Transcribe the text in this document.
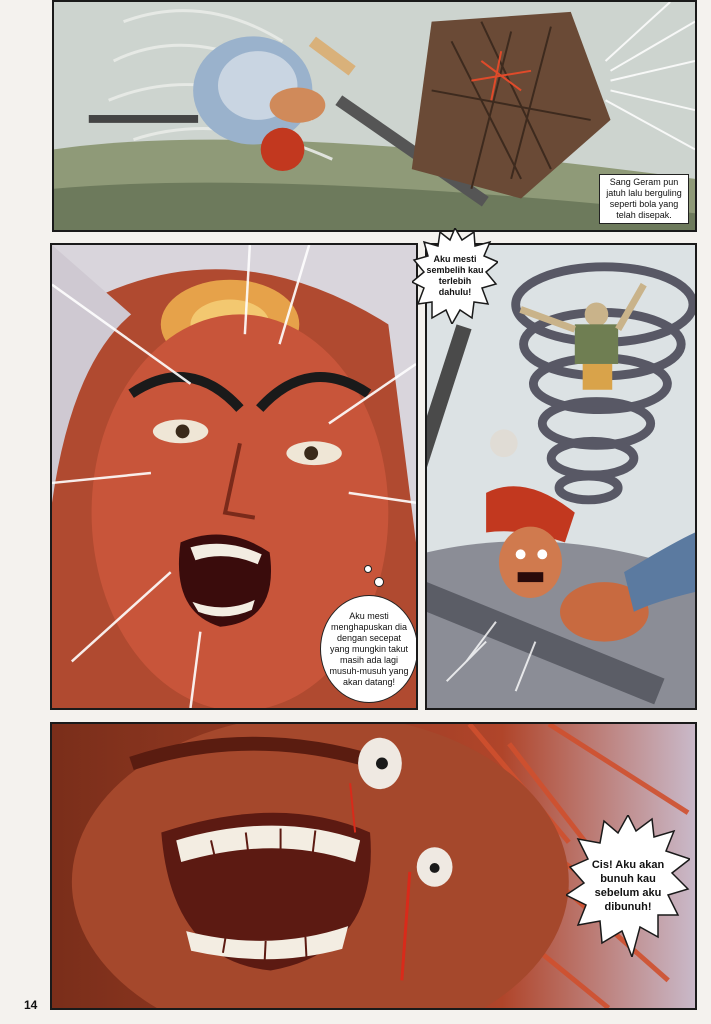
Sang Geram pun jatuh lalu berguling seperti bola yang telah disepak.
Aku mesti menghapuskan dia dengan secepat yang mungkin takut masih ada lagi musuh-musuh yang akan datang!
Aku mesti sembelih kau terlebih dahulu!
Cis! Aku akan bunuh kau sebelum aku dibunuh!
14
